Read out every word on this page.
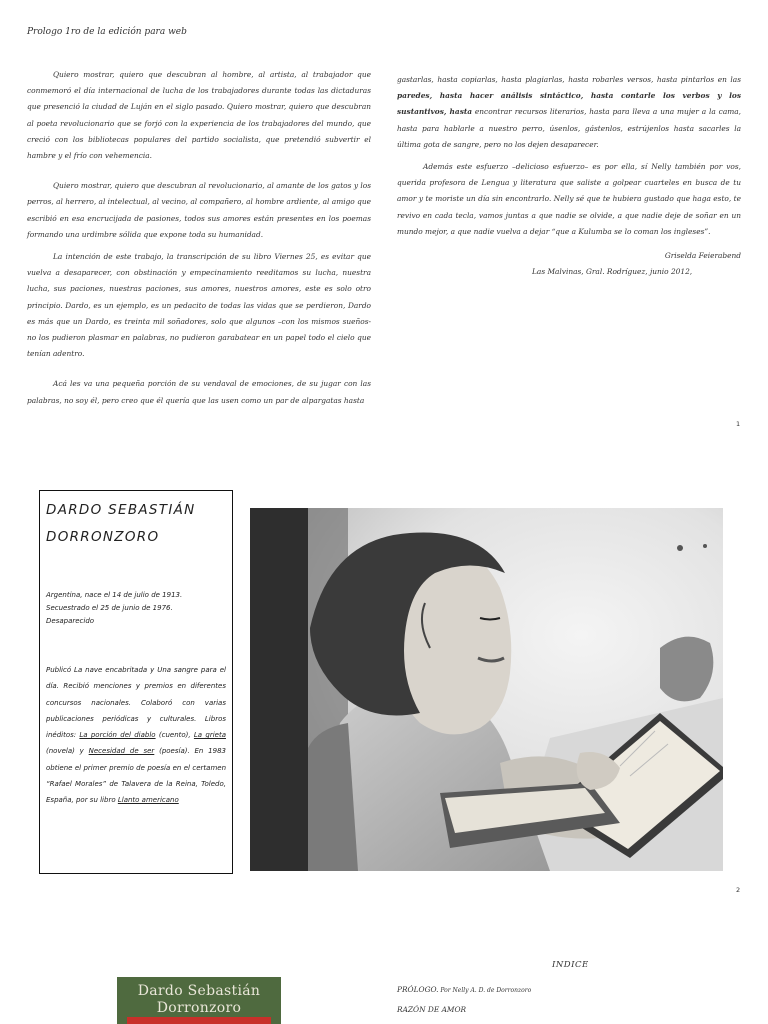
Prologo 1ro de la edición para web

Quiero mostrar, quiero que descubran al hombre, al artista, al trabajador que conmemoró el día internacional de lucha de los trabajadores durante todas las dictaduras que presenció la ciudad de Luján en el siglo pasado. Quiero mostrar, quiero que descubran al poeta revolucionario que se forjó con la experiencia de los trabajadores del mundo, que creció con los bibliotecas populares del partido socialista, que pretendió subvertir el hambre y el frío con vehemencia.

Quiero mostrar, quiero que descubran al revolucionario, al amante de los gatos y los perros, al herrero, al intelectual, al vecino, al compañero, al hombre ardiente, al amigo que escribió en esa encrucijada de pasiones, todos sus amores están presentes en los poemas formando una urdimbre sólida que expone toda su humanidad.

La intención de este trabajo, la transcripción de su libro Viernes 25, es evitar que vuelva a desaparecer, con obstinación y empecinamiento reeditamos su lucha, nuestra lucha, sus paciones, nuestras paciones, sus amores, nuestros amores, este es solo otro principio. Dardo, es un ejemplo, es un pedacito de todas las vidas que se perdieron, Dardo es más que un Dardo, es treinta mil soñadores, solo que algunos –con los mismos sueños- no los pudieron plasmar en palabras, no pudieron garabatear en un papel todo el cielo que tenían adentro.

Acá les va una pequeña porción de su vendaval de emociones, de su jugar con las palabras, no soy él, pero creo que él quería que las usen como un par de alpargatas hasta

gastarlas, hasta copiarlas, hasta plagiarlas, hasta robarles versos, hasta pintarlos en las paredes, hasta hacer análisis sintáctico, hasta contarle los verbos y los sustantivos, hasta encontrar recursos literarios, hasta para lleva a una mujer a la cama, hasta para hablarle a nuestro perro, úsenlos, gástenlos, estrújenlos hasta sacarles la última gota de sangre, pero no los dejen desaparecer.

Además este esfuerzo –delicioso esfuerzo– es por ella, sí Nelly también por vos, querida profesora de Lengua y literatura que saliste a golpear cuarteles en busca de tu amor y te moriste un día sin encontrarlo. Nelly sé que te hubiera gustado que haga esto, te revivo en cada tecla, vamos juntas a que nadie se olvide, a que nadie deje de soñar en un mundo mejor, a que nadie vuelva a dejar “que a Kulumba se lo coman los ingleses”.

Griselda Feierabend
Las Malvinas, Gral. Rodríguez, junio 2012,
1
DARDO SEBASTIÁN
DORRONZORO
Argentina, nace el 14 de julio de 1913.
Secuestrado el 25 de junio de 1976.
Desaparecido
Publicó La nave encabritada y Una sangre para el día. Recibió menciones y premios en diferentes concursos nacionales. Colaboró con varias publicaciones periódicas y culturales. Libros inéditos: La porción del diablo (cuento), La grieta (novela) y Necesidad de ser (poesía). En 1983 obtiene el primer premio de poesía en el certamen “Rafael Morales” de Talavera de la Reina, Toledo, España, por su libro Llanto americano
2
Dardo Sebastián
Dorronzoro
INDICE
PRÓLOGO. Por Nelly A. D. de Dorronzoro
RAZÓN DE AMOR
